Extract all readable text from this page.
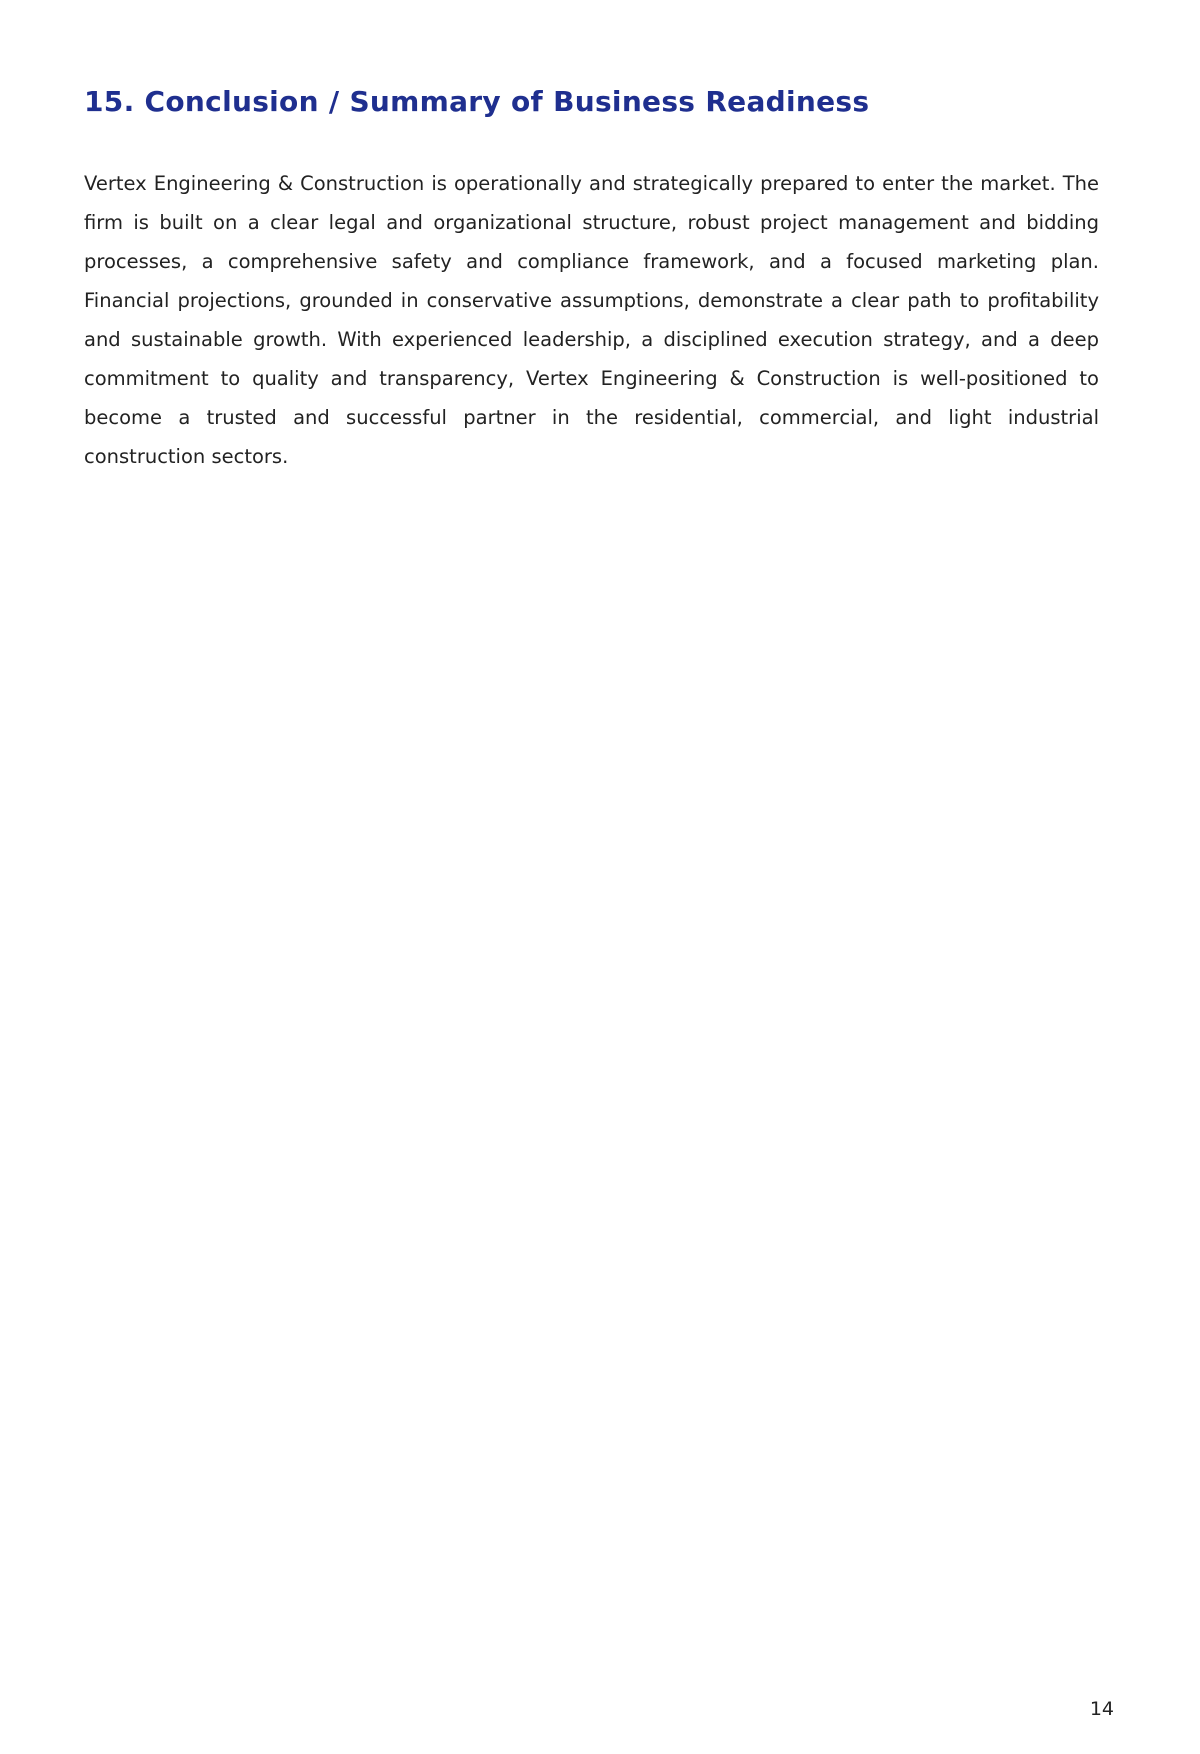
15. Conclusion / Summary of Business Readiness

Vertex Engineering & Construction is operationally and strategically prepared to enter the market. The firm is built on a clear legal and organizational structure, robust project management and bidding processes, a comprehensive safety and compliance framework, and a focused marketing plan. Financial projections, grounded in conservative assumptions, demonstrate a clear path to profitability and sustainable growth. With experienced leadership, a disciplined execution strategy, and a deep commitment to quality and transparency, Vertex Engineering & Construction is well-positioned to become a trusted and successful partner in the residential, commercial, and light industrial construction sectors.

14
